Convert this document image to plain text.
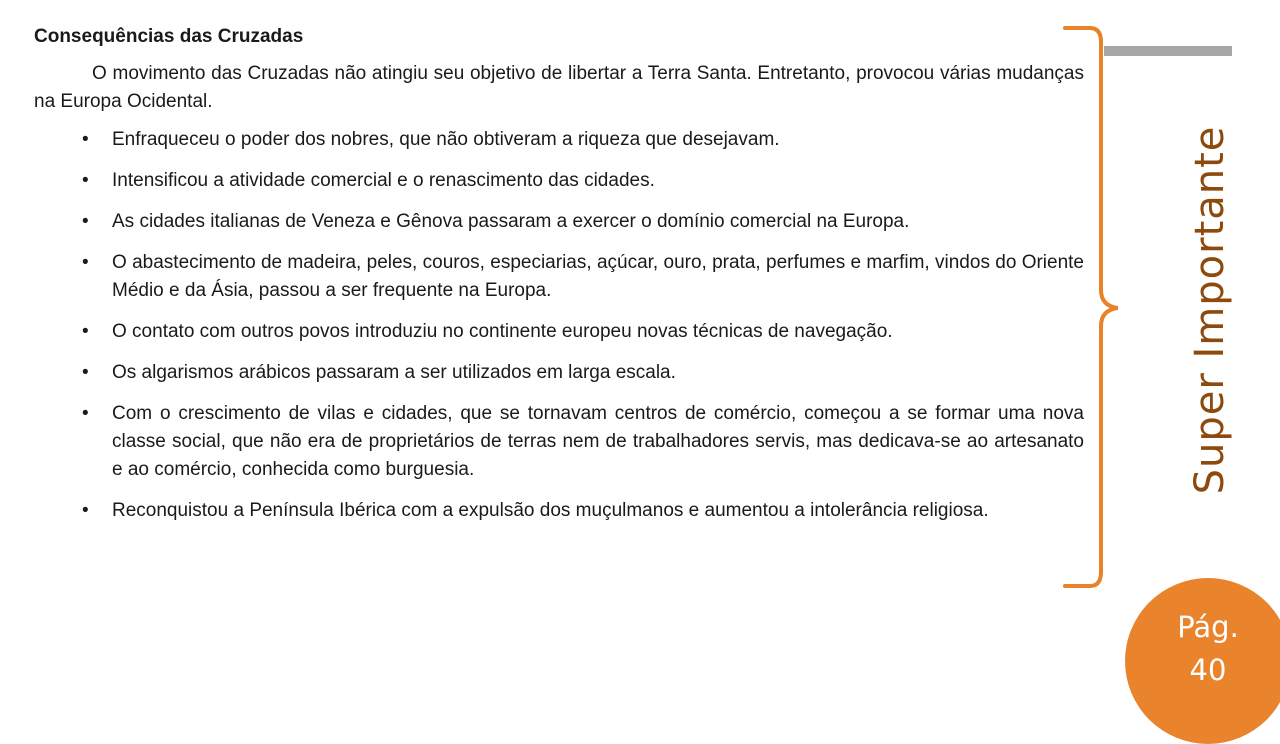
Consequências das Cruzadas

O movimento das Cruzadas não atingiu seu objetivo de libertar a Terra Santa. Entretanto, provocou várias mudanças na Europa Ocidental.

• Enfraqueceu o poder dos nobres, que não obtiveram a riqueza que desejavam.
• Intensificou a atividade comercial e o renascimento das cidades.
• As cidades italianas de Veneza e Gênova passaram a exercer o domínio comercial na Europa.
• O abastecimento de madeira, peles, couros, especiarias, açúcar, ouro, prata, perfumes e marfim, vindos do Oriente Médio e da Ásia, passou a ser frequente na Europa.
• O contato com outros povos introduziu no continente europeu novas técnicas de navegação.
• Os algarismos arábicos passaram a ser utilizados em larga escala.
• Com o crescimento de vilas e cidades, que se tornavam centros de comércio, começou a se formar uma nova classe social, que não era de proprietários de terras nem de trabalhadores servis, mas dedicava-se ao artesanato e ao comércio, conhecida como burguesia.
• Reconquistou a Península Ibérica com a expulsão dos muçulmanos e aumentou a intolerância religiosa.
Super Importante
Pág.
40
